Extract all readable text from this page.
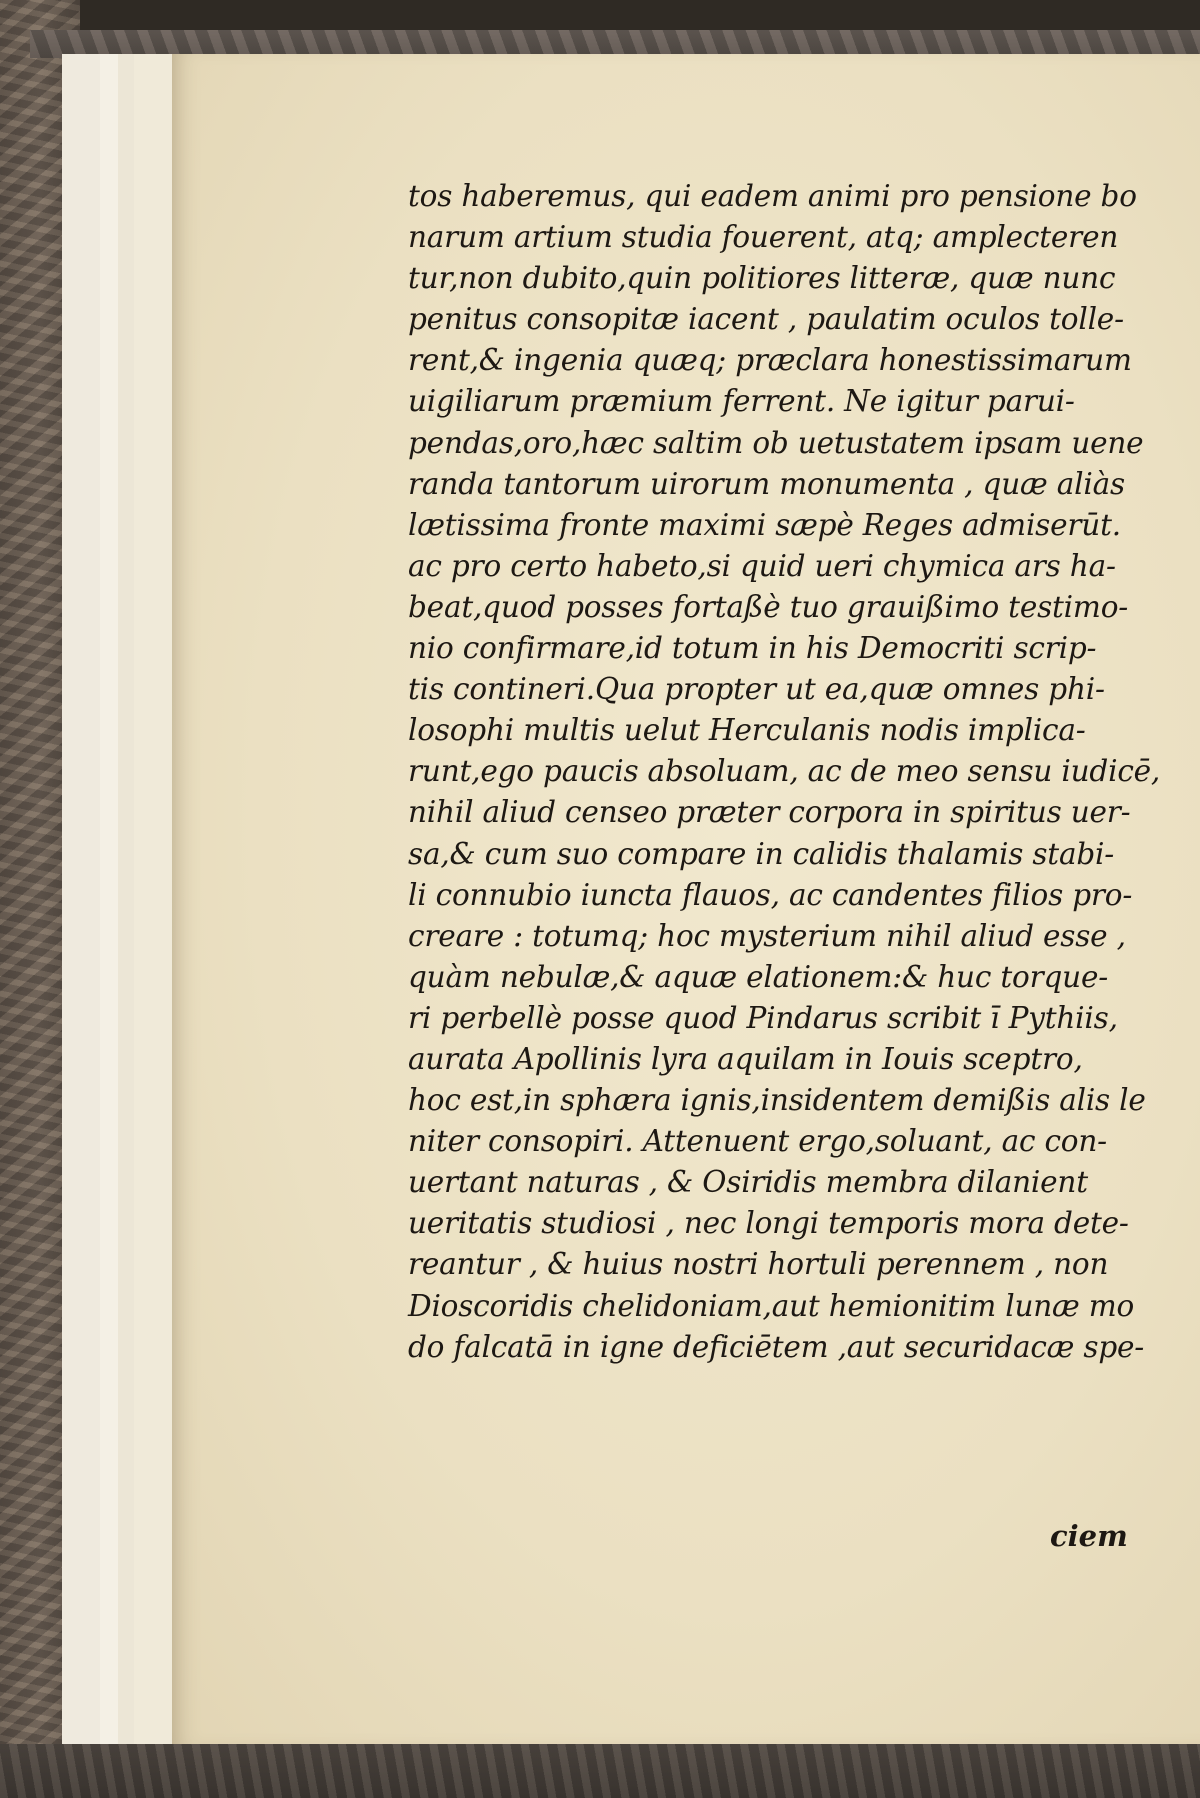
tos haberemus, qui eadem animi pro pensione bo
narum artium studia fouerent, atq; amplecteren
tur,non dubito,quin politiores litteræ, quæ nunc
penitus consopitæ iacent , paulatim oculos tolle-
rent,& ingenia quæq; præclara honestissimarum
uigiliarum præmium ferrent. Ne igitur parui-
pendas,oro,hæc saltim ob uetustatem ipsam uene
randa tantorum uirorum monumenta , quæ aliàs
lætissima fronte maximi sæpè Reges admiserūt.
ac pro certo habeto,si quid ueri chymica ars ha-
beat,quod posses fortaßè tuo grauißimo testimo-
nio confirmare,id totum in his Democriti scrip-
tis contineri.Qua propter ut ea,quæ omnes phi-
losophi multis uelut Herculanis nodis implica-
runt,ego paucis absoluam, ac de meo sensu iudicē,
nihil aliud censeo præter corpora in spiritus uer-
sa,& cum suo compare in calidis thalamis stabi-
li connubio iuncta flauos, ac candentes filios pro-
creare : totumq; hoc mysterium nihil aliud esse ,
quàm nebulæ,& aquæ elationem:& huc torque-
ri perbellè posse quod Pindarus scribit ī Pythiis,
aurata Apollinis lyra aquilam in Iouis sceptro,
hoc est,in sphæra ignis,insidentem demißis alis le
niter consopiri. Attenuent ergo,soluant, ac con-
uertant naturas , & Osiridis membra dilanient
ueritatis studiosi , nec longi temporis mora dete-
reantur , & huius nostri hortuli perennem , non
Dioscoridis chelidoniam,aut hemionitim lunæ mo
do falcatā in igne deficiētem ,aut securidacæ spe-
ciem
